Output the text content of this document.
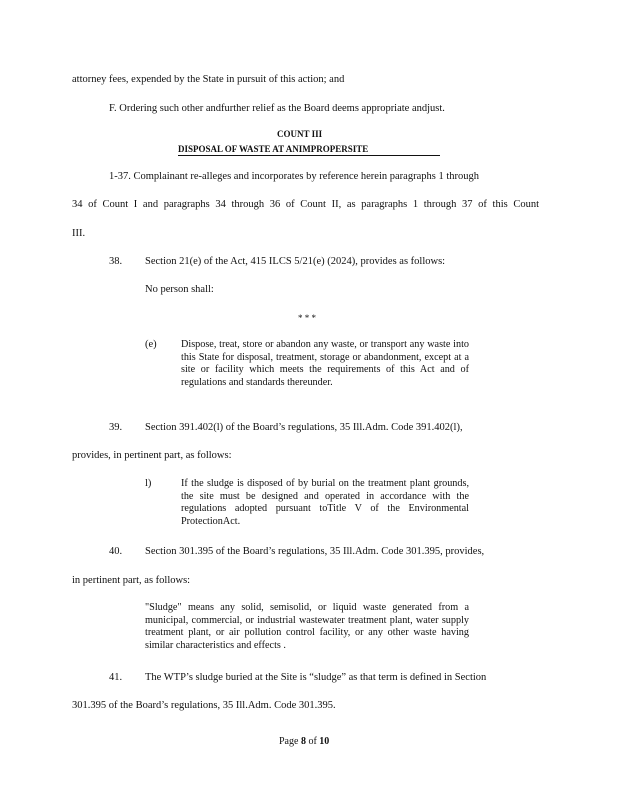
attorney fees, expended by the State in pursuit of this action; and
F. Ordering such other andfurther relief as the Board deems appropriate andjust.
COUNT III
DISPOSAL OF WASTE AT ANIMPROPERSITE
1-37. Complainant re-alleges and incorporates by reference herein paragraphs 1 through
34 of Count I and paragraphs 34 through 36 of Count II, as paragraphs 1 through 37 of this Count
III.
38. Section 21(e) of the Act, 415 ILCS 5/21(e) (2024), provides as follows:
No person shall:
* * *
(e) Dispose, treat, store or abandon any waste, or transport any waste into this State for disposal, treatment, storage or abandonment, except at a site or facility which meets the requirements of this Act and of regulations and standards thereunder.

39. Section 391.402(l) of the Board’s regulations, 35 Ill.Adm. Code 391.402(l),
provides, in pertinent part, as follows:
l)	If the sludge is disposed of by burial on the treatment plant grounds, the site must be designed and operated in accordance with the regulations adopted pursuant toTitle V of the Environmental ProtectionAct.

40. Section 301.395 of the Board’s regulations, 35 Ill.Adm. Code 301.395, provides,
in pertinent part, as follows:

"Sludge" means any solid, semisolid, or liquid waste generated from a municipal, commercial, or industrial wastewater treatment plant, water supply treatment plant, or air pollution control facility, or any other waste having similar characteristics and effects .

41. The WTP’s sludge buried at the Site is “sludge” as that term is defined in Section
301.395 of the Board’s regulations, 35 Ill.Adm. Code 301.395.
Page 8 of 10
